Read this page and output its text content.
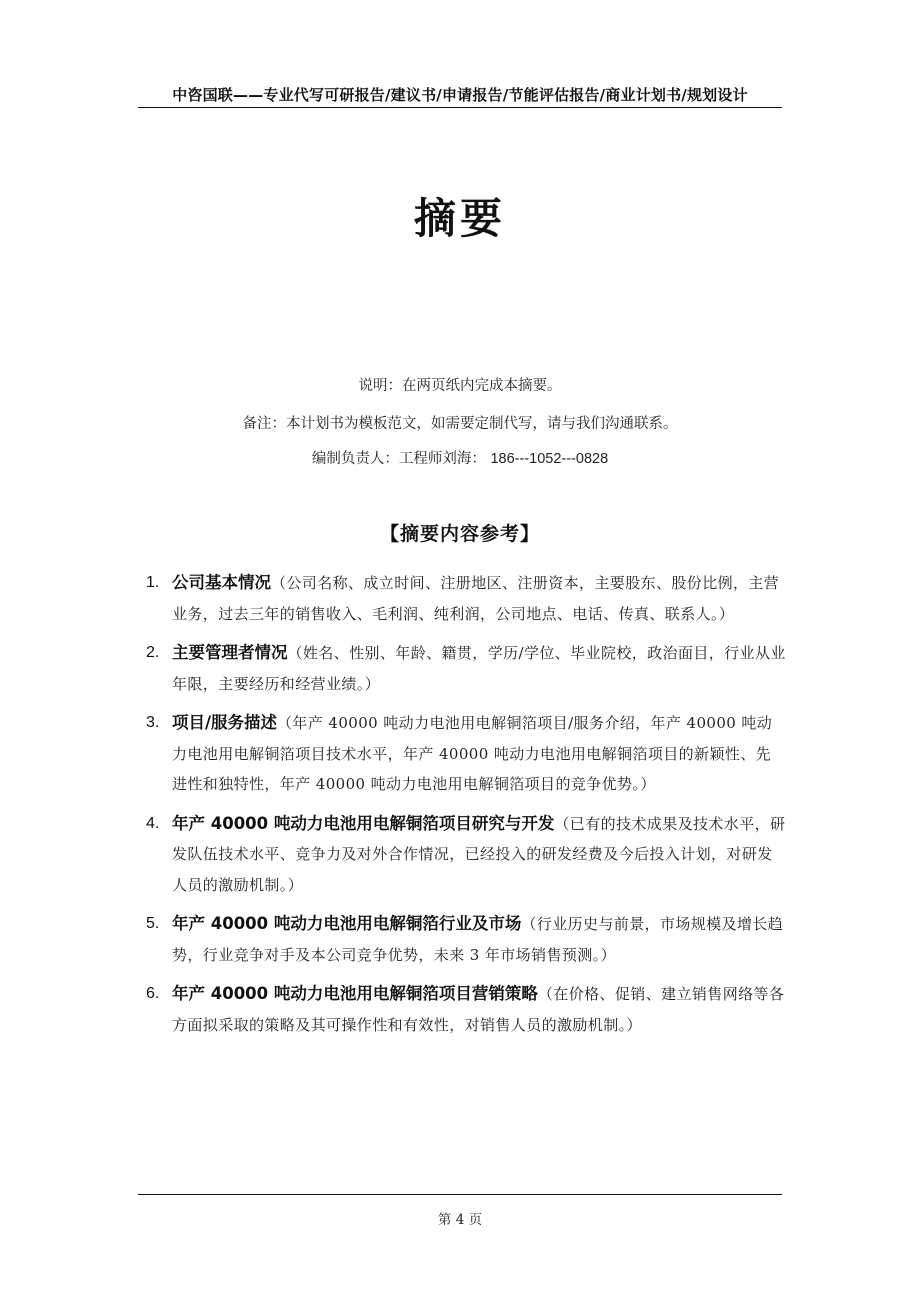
中咨国联——专业代写可研报告/建议书/申请报告/节能评估报告/商业计划书/规划设计
摘要
说明：在两页纸内完成本摘要。
备注：本计划书为模板范文，如需要定制代写，请与我们沟通联系。
编制负责人：工程师刘海： 186---1052---0828
【摘要内容参考】
1. 公司基本情况（公司名称、成立时间、注册地区、注册资本，主要股东、股份比例，主营业务，过去三年的销售收入、毛利润、纯利润，公司地点、电话、传真、联系人。）
2. 主要管理者情况（姓名、性别、年龄、籍贯，学历/学位、毕业院校，政治面目，行业从业年限，主要经历和经营业绩。）
3. 项目/服务描述（年产 40000 吨动力电池用电解铜箔项目/服务介绍，年产 40000 吨动力电池用电解铜箔项目技术水平，年产 40000 吨动力电池用电解铜箔项目的新颖性、先进性和独特性，年产 40000 吨动力电池用电解铜箔项目的竞争优势。）
4. 年产 40000 吨动力电池用电解铜箔项目研究与开发（已有的技术成果及技术水平，研发队伍技术水平、竞争力及对外合作情况，已经投入的研发经费及今后投入计划，对研发人员的激励机制。）
5. 年产 40000 吨动力电池用电解铜箔行业及市场（行业历史与前景，市场规模及增长趋势，行业竞争对手及本公司竞争优势，未来 3 年市场销售预测。）
6. 年产 40000 吨动力电池用电解铜箔项目营销策略（在价格、促销、建立销售网络等各方面拟采取的策略及其可操作性和有效性，对销售人员的激励机制。）
第 4 页
